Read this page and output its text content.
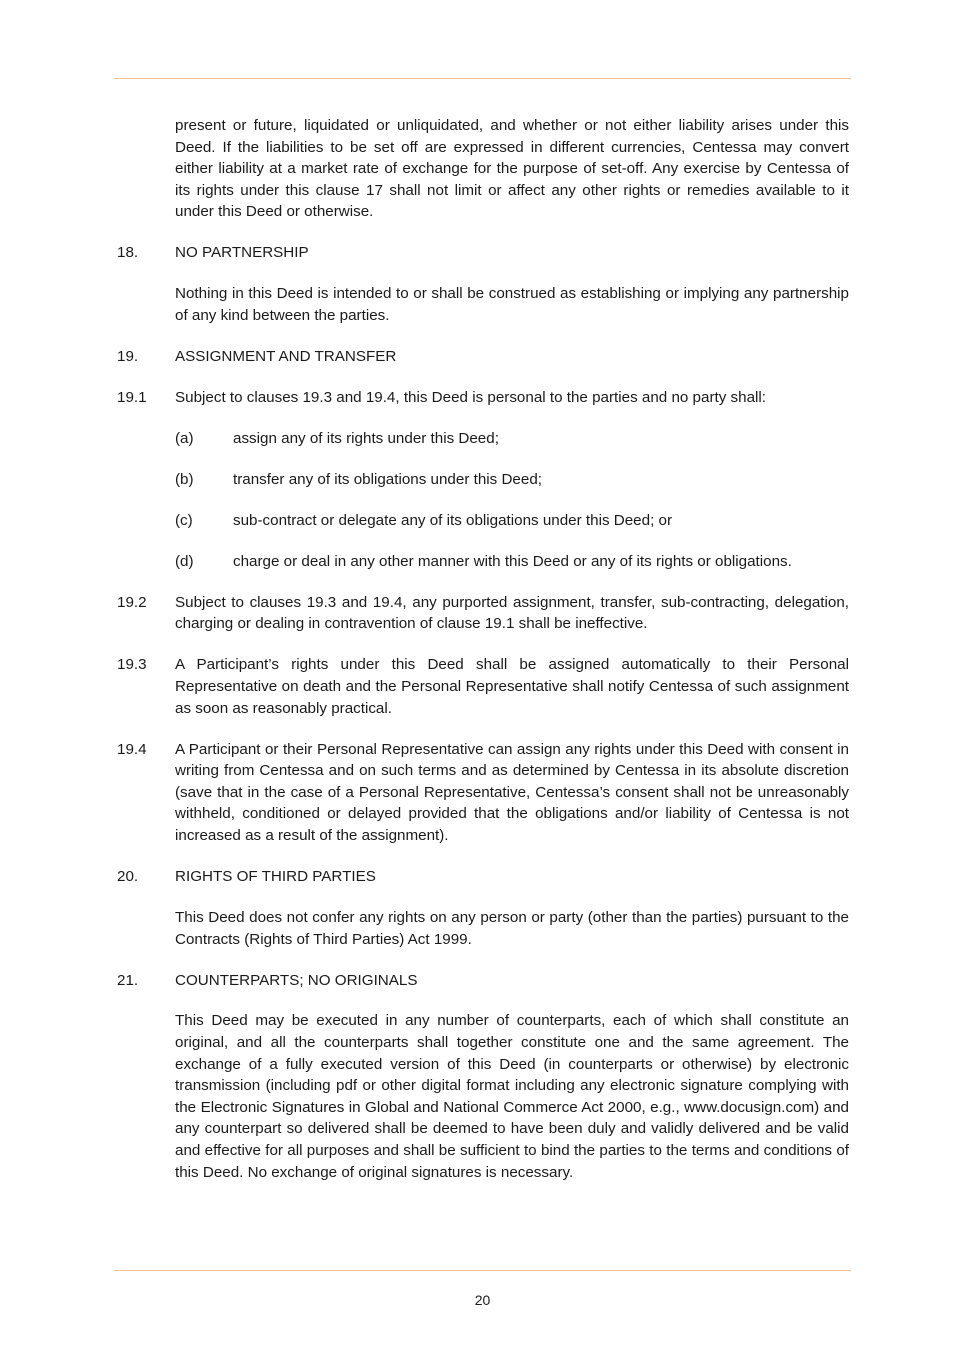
present or future, liquidated or unliquidated, and whether or not either liability arises under this Deed. If the liabilities to be set off are expressed in different currencies, Centessa may convert either liability at a market rate of exchange for the purpose of set-off. Any exercise by Centessa of its rights under this clause 17 shall not limit or affect any other rights or remedies available to it under this Deed or otherwise.

18.	NO PARTNERSHIP

Nothing in this Deed is intended to or shall be construed as establishing or implying any partnership of any kind between the parties.

19.	ASSIGNMENT AND TRANSFER
19.1	Subject to clauses 19.3 and 19.4, this Deed is personal to the parties and no party shall:
(a)	assign any of its rights under this Deed;
(b)	transfer any of its obligations under this Deed;
(c)	sub-contract or delegate any of its obligations under this Deed; or
(d)	charge or deal in any other manner with this Deed or any of its rights or obligations.
19.2	Subject to clauses 19.3 and 19.4, any purported assignment, transfer, sub-contracting, delegation, charging or dealing in contravention of clause 19.1 shall be ineffective.
19.3	A Participant’s rights under this Deed shall be assigned automatically to their Personal Representative on death and the Personal Representative shall notify Centessa of such assignment as soon as reasonably practical.
19.4	A Participant or their Personal Representative can assign any rights under this Deed with consent in writing from Centessa and on such terms and as determined by Centessa in its absolute discretion (save that in the case of a Personal Representative, Centessa’s consent shall not be unreasonably withheld, conditioned or delayed provided that the obligations and/or liability of Centessa is not increased as a result of the assignment).
20.	RIGHTS OF THIRD PARTIES

This Deed does not confer any rights on any person or party (other than the parties) pursuant to the Contracts (Rights of Third Parties) Act 1999.

21.	COUNTERPARTS; NO ORIGINALS

This Deed may be executed in any number of counterparts, each of which shall constitute an original, and all the counterparts shall together constitute one and the same agreement. The exchange of a fully executed version of this Deed (in counterparts or otherwise) by electronic transmission (including pdf or other digital format including any electronic signature complying with the Electronic Signatures in Global and National Commerce Act 2000, e.g., www.docusign.com) and any counterpart so delivered shall be deemed to have been duly and validly delivered and be valid and effective for all purposes and shall be sufficient to bind the parties to the terms and conditions of this Deed. No exchange of original signatures is necessary.

20
